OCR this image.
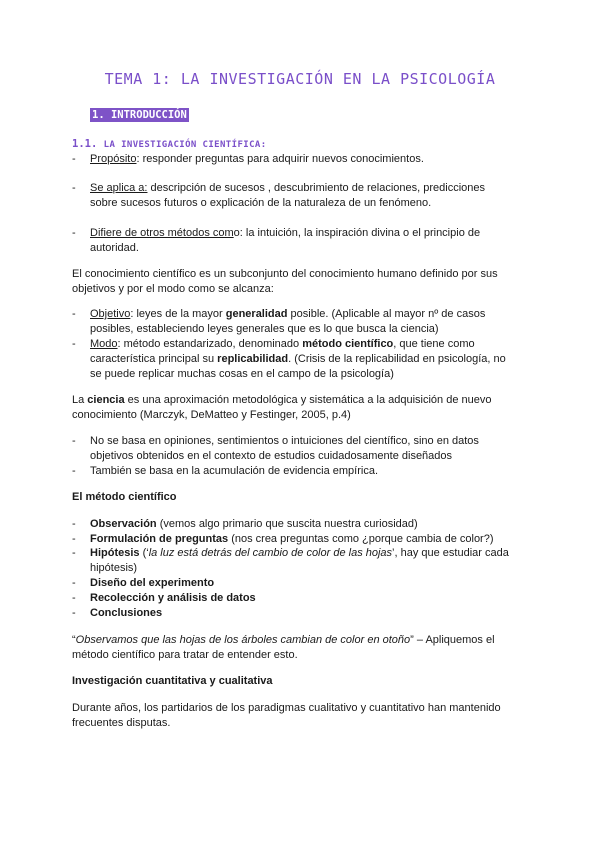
TEMA 1: LA INVESTIGACIÓN EN LA PSICOLOGÍA
1. INTRODUCCIÓN
1.1. LA INVESTIGACIÓN CIENTÍFICA:
- Propósito: responder preguntas para adquirir nuevos conocimientos.
- Se aplica a: descripción de sucesos , descubrimiento de relaciones, predicciones sobre sucesos futuros o explicación de la naturaleza de un fenómeno.
- Difiere de otros métodos como: la intuición, la inspiración divina o el principio de autoridad.
El conocimiento científico es un subconjunto del conocimiento humano definido por sus objetivos y por el modo como se alcanza:
- Objetivo: leyes de la mayor generalidad posible. (Aplicable al mayor nº de casos posibles, estableciendo leyes generales que es lo que busca la ciencia)
- Modo: método estandarizado, denominado método científico, que tiene como característica principal su replicabilidad. (Crisis de la replicabilidad en psicología, no se puede replicar muchas cosas en el campo de la psicología)
La ciencia es una aproximación metodológica y sistemática a la adquisición de nuevo conocimiento (Marczyk, DeMatteo y Festinger, 2005, p.4)
- No se basa en opiniones, sentimientos o intuiciones del científico, sino en datos objetivos obtenidos en el contexto de estudios cuidadosamente diseñados
- También se basa en la acumulación de evidencia empírica.
El método científico
- Observación (vemos algo primario que suscita nuestra curiosidad)
- Formulación de preguntas (nos crea preguntas como ¿porque cambia de color?)
- Hipótesis (‘la luz está detrás del cambio de color de las hojas’, hay que estudiar cada hipótesis)
- Diseño del experimento
- Recolección y análisis de datos
- Conclusiones
“Observamos que las hojas de los árboles cambian de color en otoño” – Apliquemos el método científico para tratar de entender esto.
Investigación cuantitativa y cualitativa
Durante años, los partidarios de los paradigmas cualitativo y cuantitativo han mantenido frecuentes disputas.
